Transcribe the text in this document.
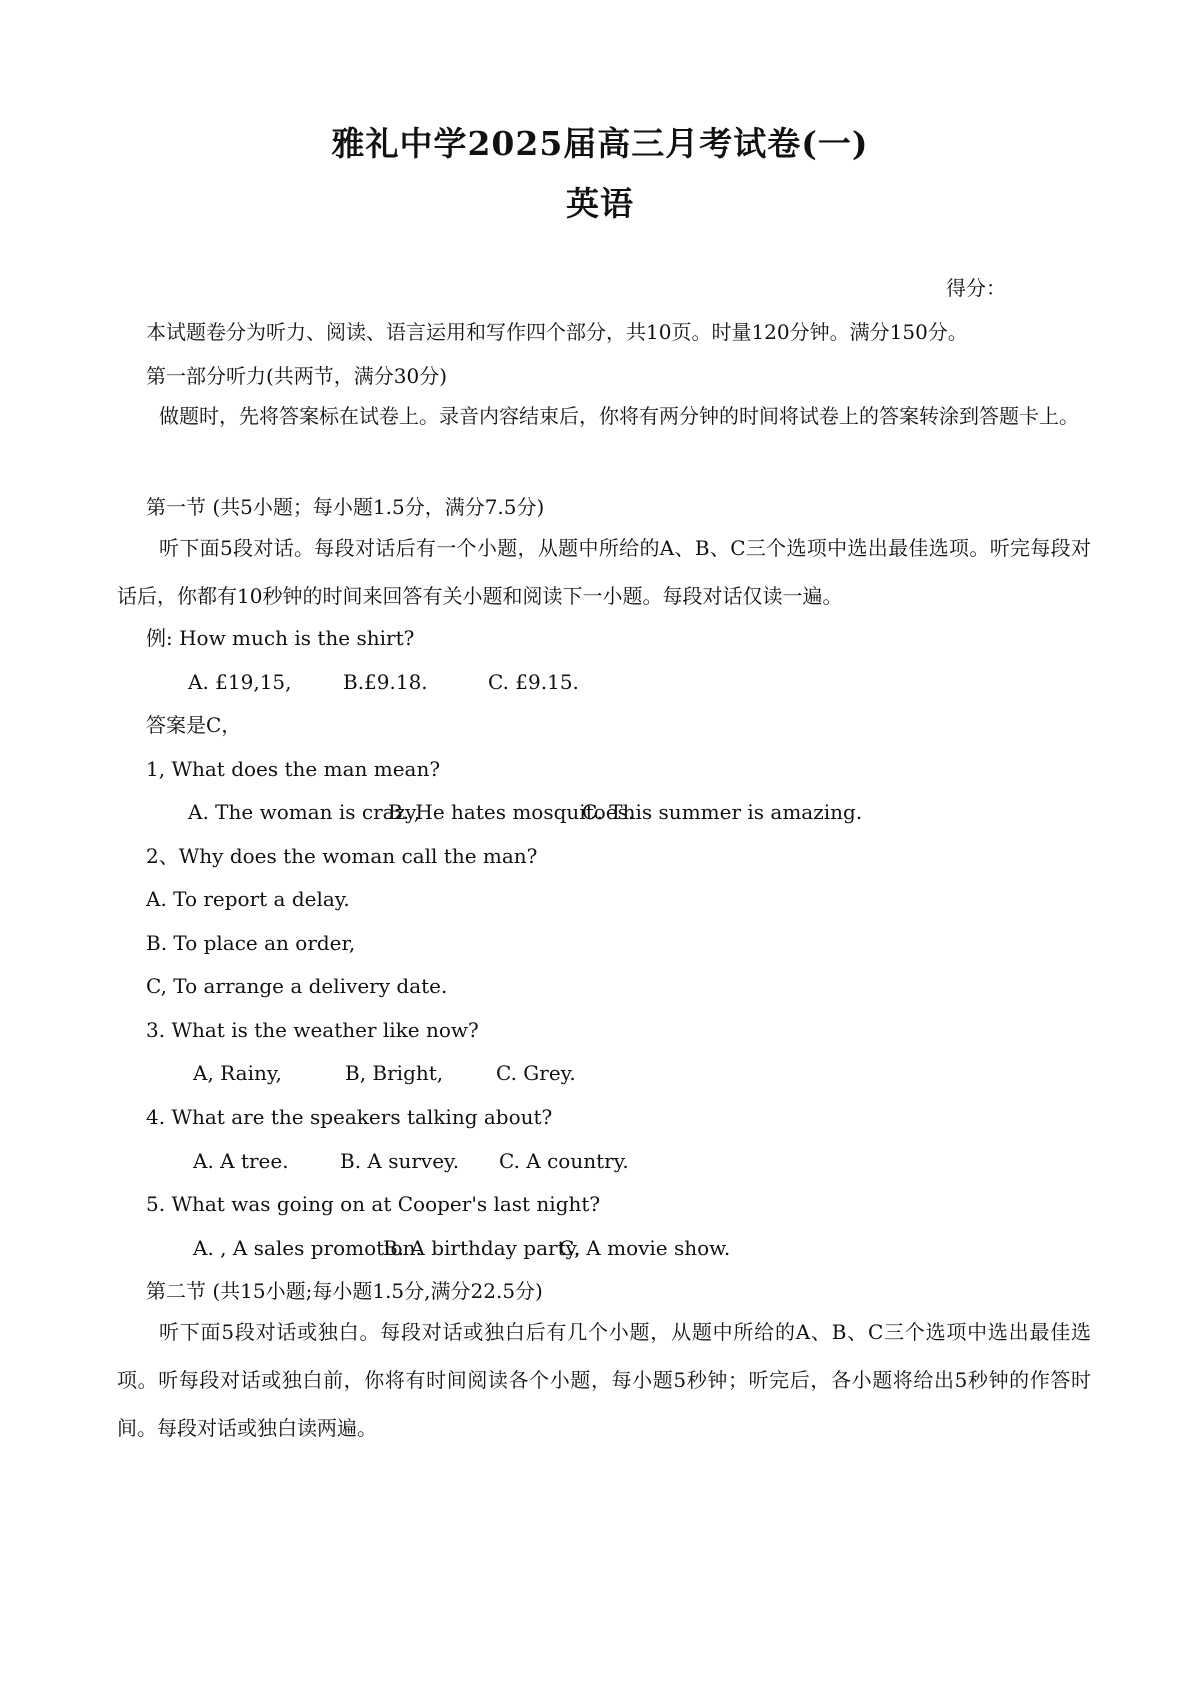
雅礼中学2025届高三月考试卷(一)
英语
得分：
本试题卷分为听力、阅读、语言运用和写作四个部分，共10页。时量120分钟。满分150分。
第一部分听力(共两节，满分30分)
做题时，先将答案标在试卷上。录音内容结束后，你将有两分钟的时间将试卷上的答案转涂到答题卡上。
第一节 (共5小题；每小题1.5分，满分7.5分)
听下面5段对话。每段对话后有一个小题，从题中所给的A、B、C三个选项中选出最佳选项。听完每段对话后，你都有10秒钟的时间来回答有关小题和阅读下一小题。每段对话仅读一遍。
例: How much is the shirt?
A. £19,15,	B.£9.18.	C. £9.15.
答案是C，
1, What does the man mean?
A. The woman is crazy,
B. He hates mosquitoes.
C. This summer is amazing.
2、Why does the woman call the man?
A. To report a delay.
B. To place an order,
C, To arrange a delivery date.
3. What is the weather like now?
A, Rainy,	B, Bright,	C. Grey.
4. What are the speakers talking about?
A. A tree.	B. A survey. C. A country.
5. What was going on at Cooper's last night?
A. , A sales promotion.
B. A birthday party,
C. A movie show.
第二节 (共15小题;每小题1.5分,满分22.5分)
听下面5段对话或独白。每段对话或独白后有几个小题，从题中所给的A、B、C三个选项中选出最佳选项。听每段对话或独白前，你将有时间阅读各个小题，每小题5秒钟；听完后，各小题将给出5秒钟的作答时间。每段对话或独白读两遍。
